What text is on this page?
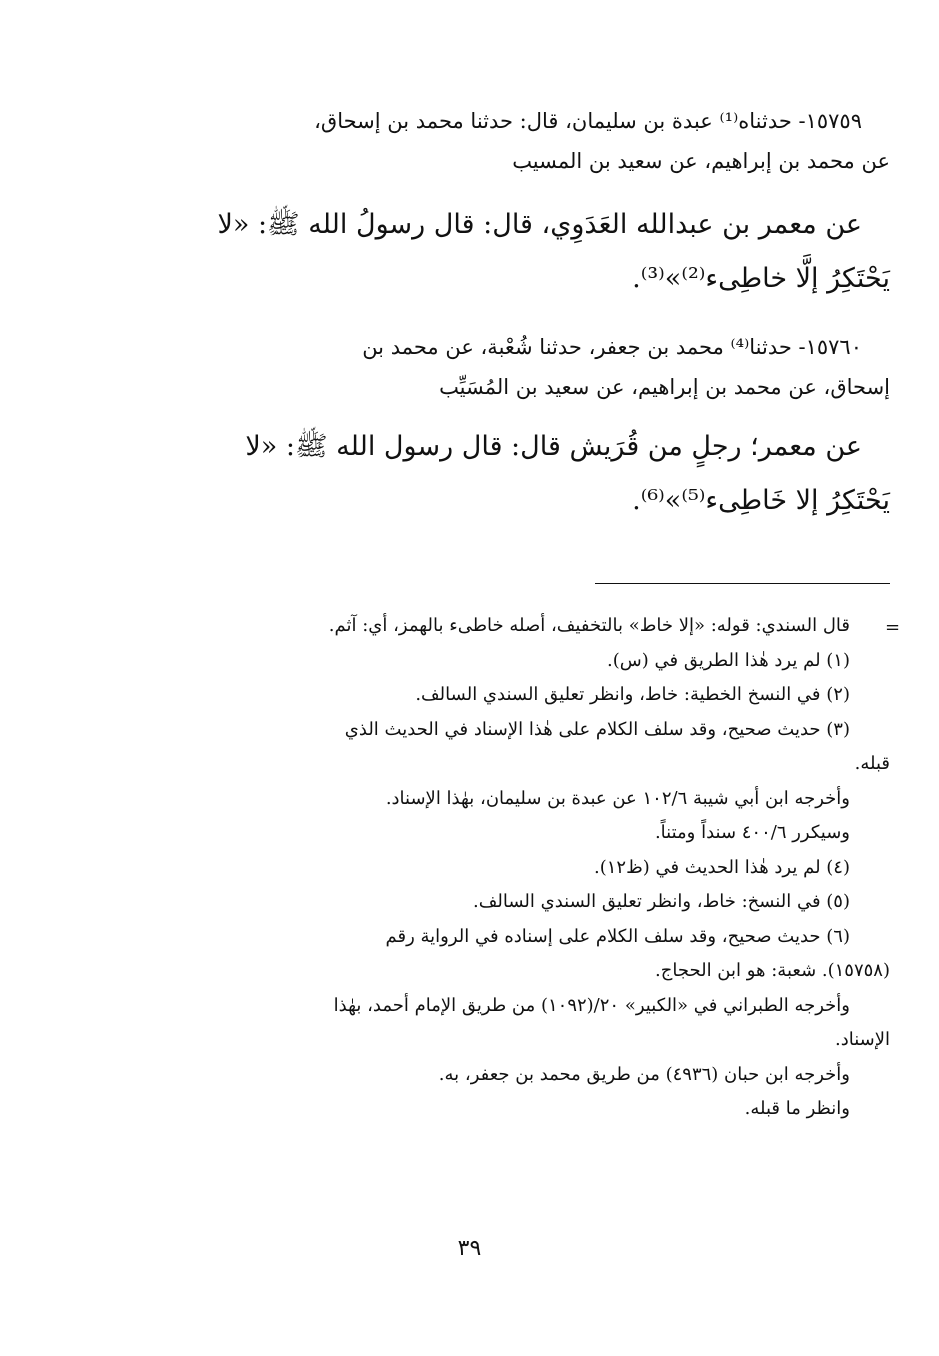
١٥٧٥٩- حدثناه⁽¹⁾ عبدة بن سليمان، قال: حدثنا محمد بن إسحاق،
عن محمد بن إبراهيم، عن سعيد بن المسيب
عن معمر بن عبدالله العَدَوِي، قال: قال رسولُ الله ﷺ: «لا
يَحْتَكِرُ إلَّا خاطِىء⁽²⁾»⁽³⁾.
١٥٧٦٠- حدثنا⁽⁴⁾ محمد بن جعفر، حدثنا شُعْبة، عن محمد بن
إسحاق، عن محمد بن إبراهيم، عن سعيد بن المُسَيِّب
عن معمر؛ رجلٍ من قُرَيش قال: قال رسول الله ﷺ: «لا
يَحْتَكِرُ إلا خَاطِىء⁽⁵⁾»⁽⁶⁾.
=
قال السندي: قوله: «إلا خاط» بالتخفيف، أصله خاطىء بالهمز، أي: آثم.
(١) لم يرد هٰذا الطريق في (س).
(٢) في النسخ الخطية: خاط، وانظر تعليق السندي السالف.
(٣) حديث صحيح، وقد سلف الكلام على هٰذا الإسناد في الحديث الذي
قبله.
وأخرجه ابن أبي شيبة ١٠٢/٦ عن عبدة بن سليمان، بهٰذا الإسناد.
وسيكرر ٤٠٠/٦ سنداً ومتناً.
(٤) لم يرد هٰذا الحديث في (ظ١٢).
(٥) في النسخ: خاط، وانظر تعليق السندي السالف.
(٦) حديث صحيح، وقد سلف الكلام على إسناده في الرواية رقم
(١٥٧٥٨). شعبة: هو ابن الحجاج.
وأخرجه الطبراني في «الكبير» ٢٠/(١٠٩٢) من طريق الإمام أحمد، بهٰذا
الإسناد.
وأخرجه ابن حبان (٤٩٣٦) من طريق محمد بن جعفر، به.
وانظر ما قبله.
٣٩
